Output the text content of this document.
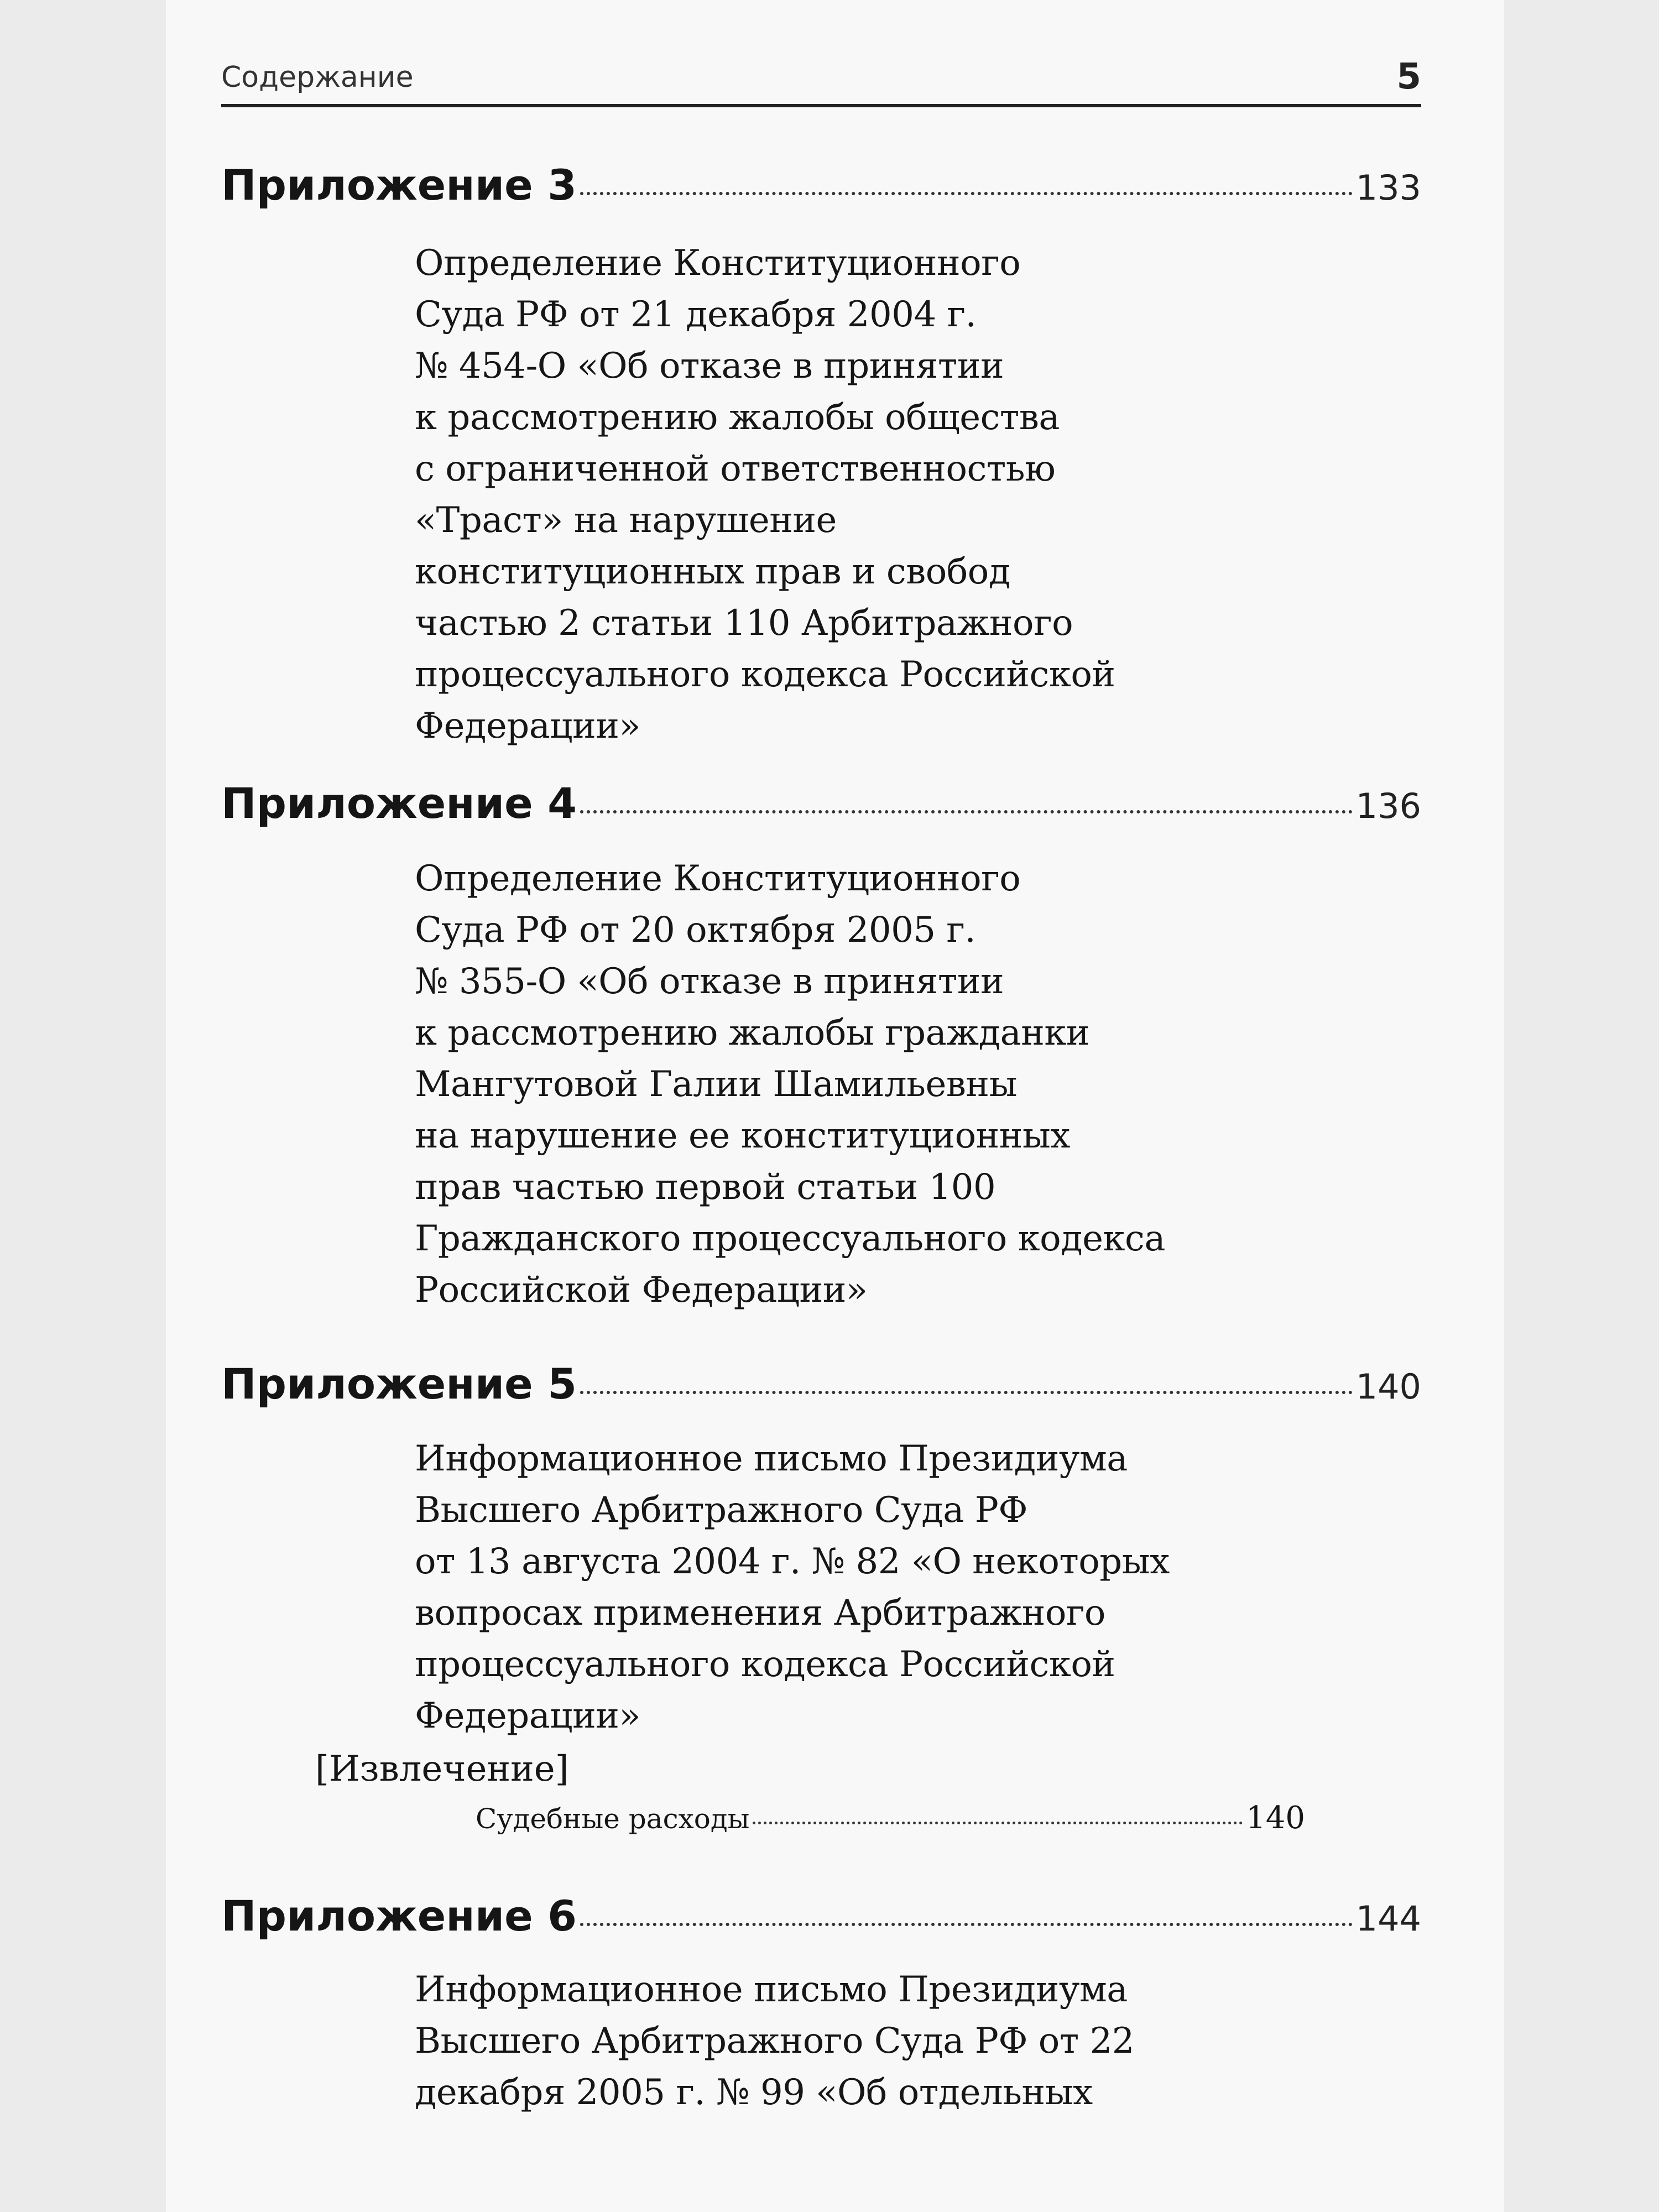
Содержание	5
Приложение 3	133
Определение Конституционного
Суда РФ от 21 декабря 2004 г.
№ 454-О «Об отказе в принятии
к рассмотрению жалобы общества
с ограниченной ответственностью
«Траст» на нарушение
конституционных прав и свобод
частью 2 статьи 110 Арбитражного
процессуального кодекса Российской
Федерации»
Приложение 4	136
Определение Конституционного
Суда РФ от 20 октября 2005 г.
№ 355-О «Об отказе в принятии
к рассмотрению жалобы гражданки
Мангутовой Галии Шамильевны
на нарушение ее конституционных
прав частью первой статьи 100
Гражданского процессуального кодекса
Российской Федерации»
Приложение 5	140
Информационное письмо Президиума
Высшего Арбитражного Суда РФ
от 13 августа 2004 г. № 82 «О некоторых
вопросах применения Арбитражного
процессуального кодекса Российской
Федерации»
[Извлечение]
Судебные расходы	140
Приложение 6	144
Информационное письмо Президиума
Высшего Арбитражного Суда РФ от 22
декабря 2005 г. № 99 «Об отдельных
